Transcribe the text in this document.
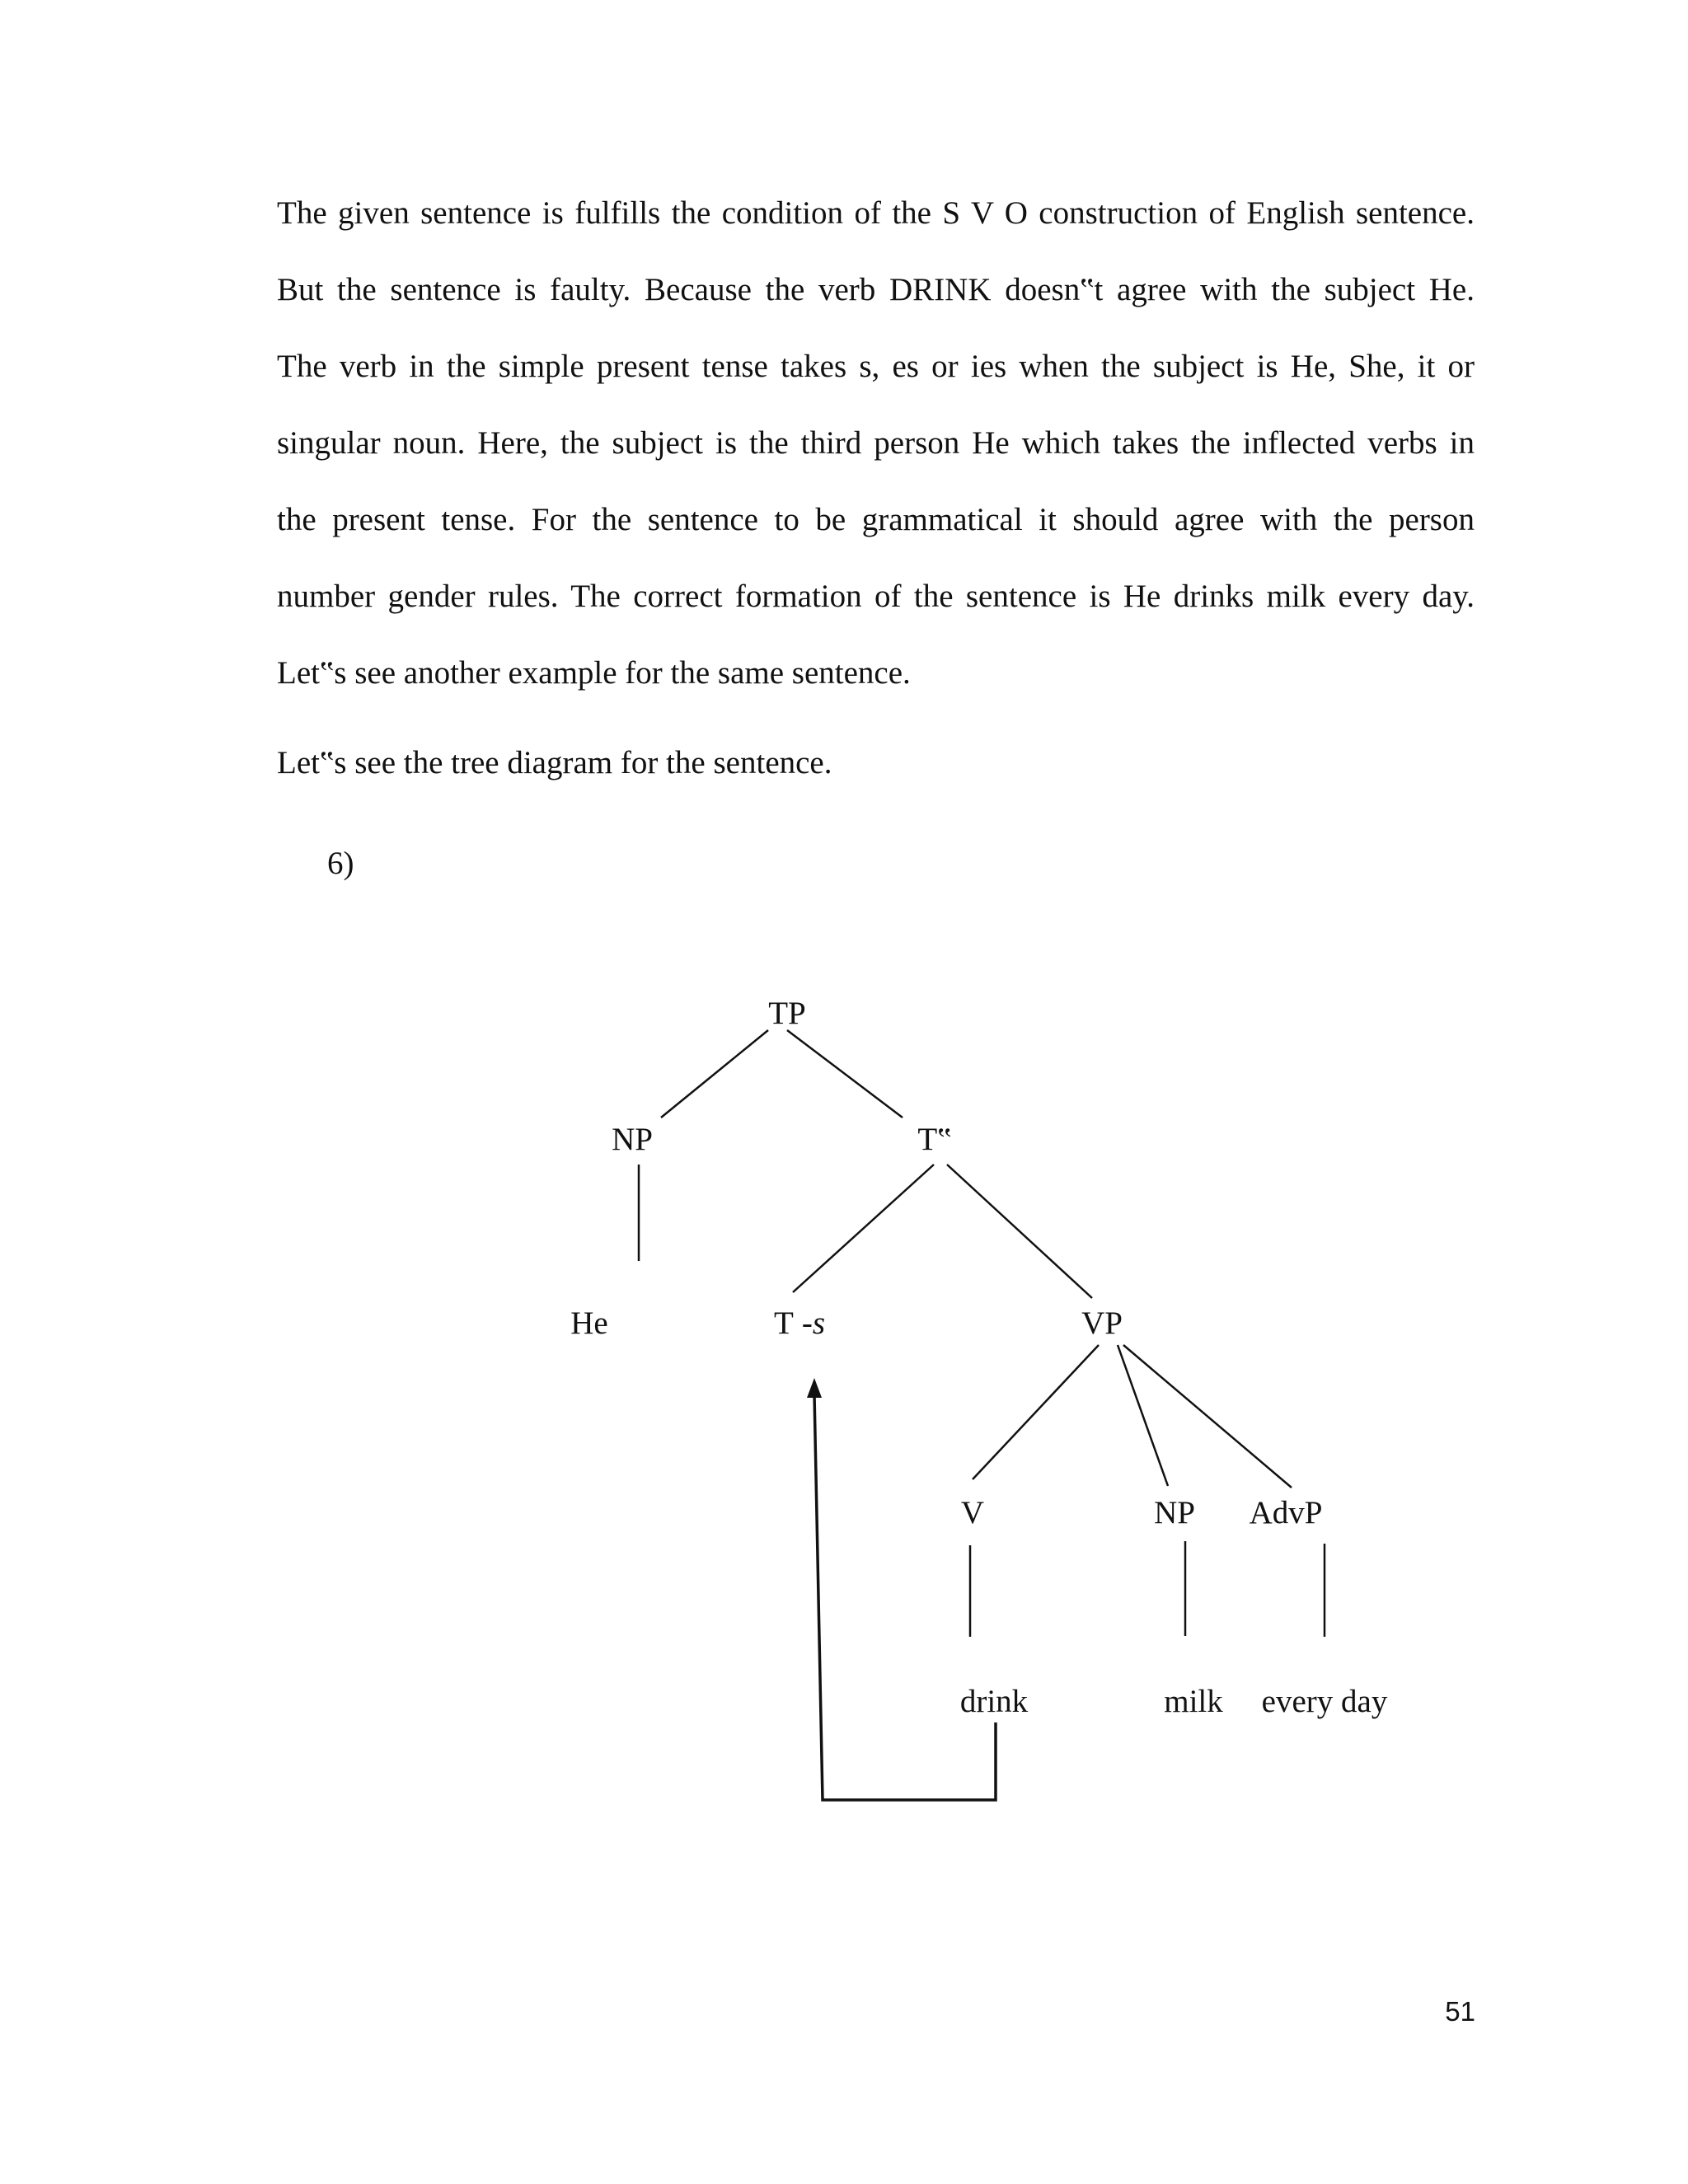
The given sentence is fulfills the condition of the S V O construction of English sentence.
But the sentence is faulty. Because the verb DRINK doesn‟t agree with the subject He.
The verb in the simple present tense takes s, es or ies when the subject is He, She, it or
singular noun. Here, the subject is the third person He which takes the inflected verbs in
the present tense. For the sentence to be grammatical it should agree with the person
number gender rules. The correct formation of the sentence is He drinks milk every day.
Let‟s see another example for the same sentence.
Let‟s see the tree diagram for the sentence.
6)
TP
NP	T‟
He	T -s	VP
V	NP AdvP
drink	milk every day
51
